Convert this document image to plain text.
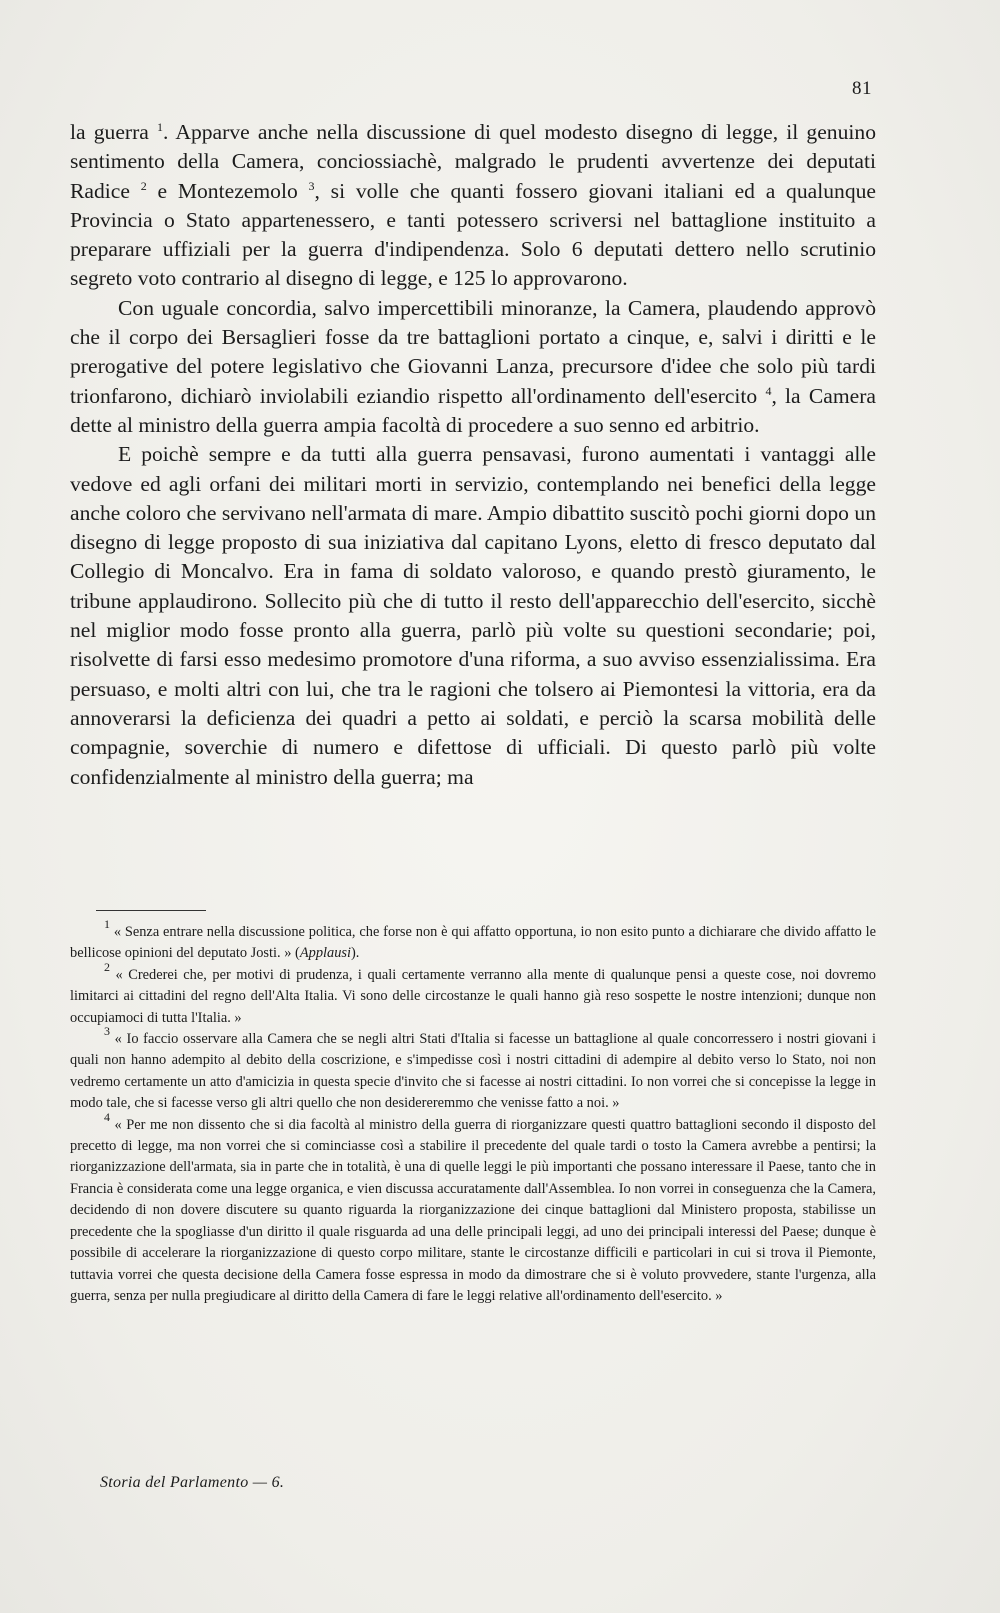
81

la guerra $^1$. Apparve anche nella discussione di quel modesto disegno di legge, il genuino sentimento della Camera, conciossiachè, malgrado le prudenti avvertenze dei deputati Radice $^2$ e Montezemolo $^3$, si volle che quanti fossero giovani italiani ed a qualunque Provincia o Stato appartenessero, e tanti potessero scriversi nel battaglione instituito a preparare uffiziali per la guerra d'indipendenza. Solo 6 deputati dettero nello scrutinio segreto voto contrario al disegno di legge, e 125 lo approvarono.

Con uguale concordia, salvo impercettibili minoranze, la Camera, plaudendo approvò che il corpo dei Bersaglieri fosse da tre battaglioni portato a cinque, e, salvi i diritti e le prerogative del potere legislativo che Giovanni Lanza, precursore d'idee che solo più tardi trionfarono, dichiarò inviolabili eziandio rispetto all'ordinamento dell'esercito $^4$, la Camera dette al ministro della guerra ampia facoltà di procedere a suo senno ed arbitrio.

E poichè sempre e da tutti alla guerra pensavasi, furono aumentati i vantaggi alle vedove ed agli orfani dei militari morti in servizio, contemplando nei benefici della legge anche coloro che servivano nell'armata di mare. Ampio dibattito suscitò pochi giorni dopo un disegno di legge proposto di sua iniziativa dal capitano Lyons, eletto di fresco deputato dal Collegio di Moncalvo. Era in fama di soldato valoroso, e quando prestò giuramento, le tribune applaudirono. Sollecito più che di tutto il resto dell'apparecchio dell'esercito, sicchè nel miglior modo fosse pronto alla guerra, parlò più volte su questioni secondarie; poi, risolvette di farsi esso medesimo promotore d'una riforma, a suo avviso essenzialissima. Era persuaso, e molti altri con lui, che tra le ragioni che tolsero ai Piemontesi la vittoria, era da annoverarsi la deficienza dei quadri a petto ai soldati, e perciò la scarsa mobilità delle compagnie, soverchie di numero e difettose di ufficiali. Di questo parlò più volte confidenzialmente al ministro della guerra; ma

$^1$ « Senza entrare nella discussione politica, che forse non è qui affatto opportuna, io non esito punto a dichiarare che divido affatto le bellicose opinioni del deputato Josti. » (Applausi).

$^2$ « Crederei che, per motivi di prudenza, i quali certamente verranno alla mente di qualunque pensi a queste cose, noi dovremo limitarci ai cittadini del regno dell'Alta Italia. Vi sono delle circostanze le quali hanno già reso sospette le nostre intenzioni; dunque non occupiamoci di tutta l'Italia. »

$^3$ « Io faccio osservare alla Camera che se negli altri Stati d'Italia si facesse un battaglione al quale concorressero i nostri giovani i quali non hanno adempito al debito della coscrizione, e s'impedisse così i nostri cittadini di adempire al debito verso lo Stato, noi non vedremo certamente un atto d'amicizia in questa specie d'invito che si facesse ai nostri cittadini. Io non vorrei che si concepisse la legge in modo tale, che si facesse verso gli altri quello che non desidereremmo che venisse fatto a noi. »

$^4$ « Per me non dissento che si dia facoltà al ministro della guerra di riorganizzare questi quattro battaglioni secondo il disposto del precetto di legge, ma non vorrei che si cominciasse così a stabilire il precedente del quale tardi o tosto la Camera avrebbe a pentirsi; la riorganizzazione dell'armata, sia in parte che in totalità, è una di quelle leggi le più importanti che possano interessare il Paese, tanto che in Francia è considerata come una legge organica, e vien discussa accuratamente dall'Assemblea. Io non vorrei in conseguenza che la Camera, decidendo di non dovere discutere su quanto riguarda la riorganizzazione dei cinque battaglioni dal Ministero proposta, stabilisse un precedente che la spogliasse d'un diritto il quale risguarda ad una delle principali leggi, ad uno dei principali interessi del Paese; dunque è possibile di accelerare la riorganizzazione di questo corpo militare, stante le circostanze difficili e particolari in cui si trova il Piemonte, tuttavia vorrei che questa decisione della Camera fosse espressa in modo da dimostrare che si è voluto provvedere, stante l'urgenza, alla guerra, senza per nulla pregiudicare al diritto della Camera di fare le leggi relative all'ordinamento dell'esercito. »

Storia del Parlamento — 6.
